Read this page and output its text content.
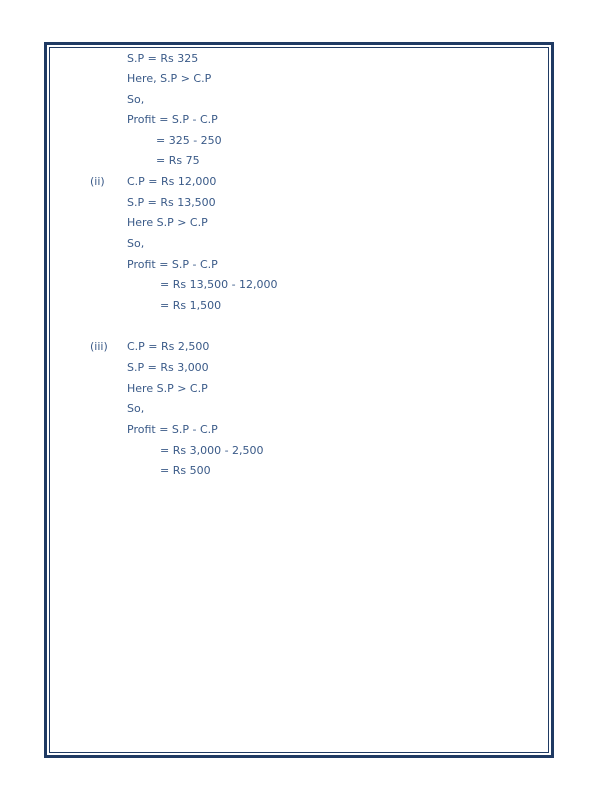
S.P = Rs 325
Here, S.P > C.P
So,
Profit = S.P - C.P
= 325 - 250
= Rs 75
(ii) C.P = Rs 12,000
S.P = Rs 13,500
Here S.P > C.P
So,
Profit = S.P - C.P
= Rs 13,500 - 12,000
= Rs 1,500
(iii) C.P = Rs 2,500
S.P = Rs 3,000
Here S.P > C.P
So,
Profit = S.P - C.P
= Rs 3,000 - 2,500
= Rs 500
